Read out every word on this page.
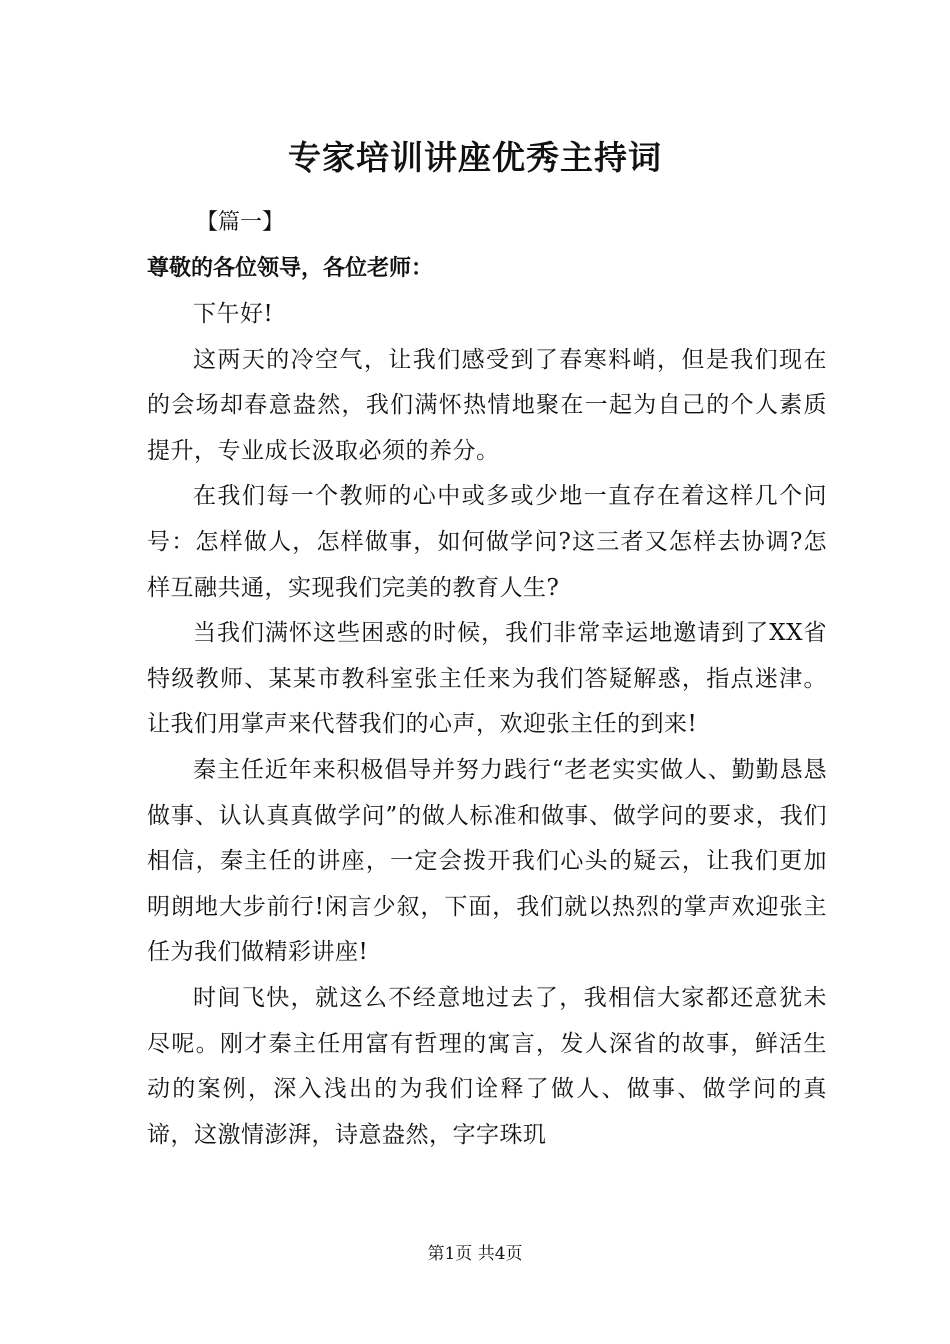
专家培训讲座优秀主持词
【篇一】
尊敬的各位领导，各位老师：

下午好!

这两天的冷空气，让我们感受到了春寒料峭，但是我们现在的会场却春意盎然，我们满怀热情地聚在一起为自己的个人素质提升，专业成长汲取必须的养分。

在我们每一个教师的心中或多或少地一直存在着这样几个问号：怎样做人，怎样做事，如何做学问?这三者又怎样去协调?怎样互融共通，实现我们完美的教育人生?

当我们满怀这些困惑的时候，我们非常幸运地邀请到了XX省特级教师、某某市教科室张主任来为我们答疑解惑，指点迷津。让我们用掌声来代替我们的心声，欢迎张主任的到来!

秦主任近年来积极倡导并努力践行“老老实实做人、勤勤恳恳做事、认认真真做学问”的做人标准和做事、做学问的要求，我们相信，秦主任的讲座，一定会拨开我们心头的疑云，让我们更加明朗地大步前行!闲言少叙，下面，我们就以热烈的掌声欢迎张主任为我们做精彩讲座!

时间飞快，就这么不经意地过去了，我相信大家都还意犹未尽呢。刚才秦主任用富有哲理的寓言，发人深省的故事，鲜活生动的案例，深入浅出的为我们诠释了做人、做事、做学问的真谛，这激情澎湃，诗意盎然，字字珠玑

第1页 共4页
